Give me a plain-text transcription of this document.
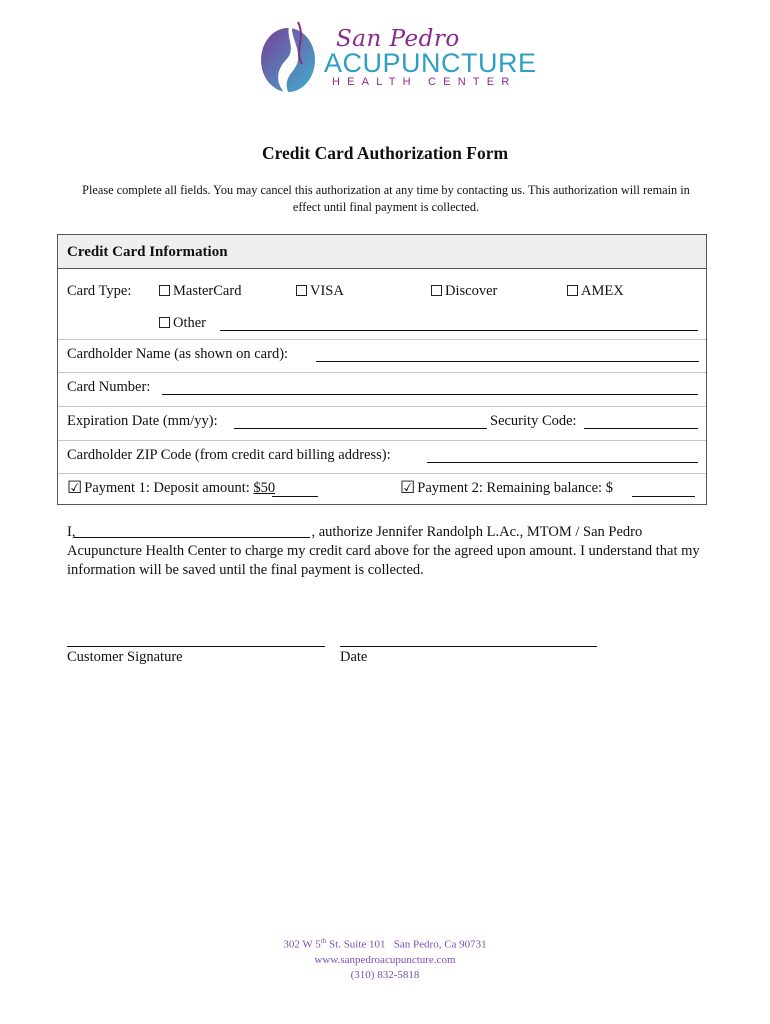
San Pedro
ACUPUNCTURE
HEALTH CENTER
Credit Card Authorization Form
Please complete all fields. You may cancel this authorization at any time by contacting us. This authorization will remain in effect until final payment is collected.
Credit Card Information
Card Type:	MasterCard	VISA	Discover	AMEX
Other
Cardholder Name (as shown on card):
Card Number:
Expiration Date (mm/yy):	Security Code:
Cardholder ZIP Code (from credit card billing address):
☑ Payment 1: Deposit amount: $50	☑ Payment 2: Remaining balance: $
I,	, authorize Jennifer Randolph L.Ac., MTOM / San Pedro Acupuncture Health Center to charge my credit card above for the agreed upon amount. I understand that my information will be saved until the final payment is collected.
Customer Signature	Date
302 W 5th St. Suite 101   San Pedro, Ca 90731
www.sanpedroacupuncture.com
(310) 832-5818
